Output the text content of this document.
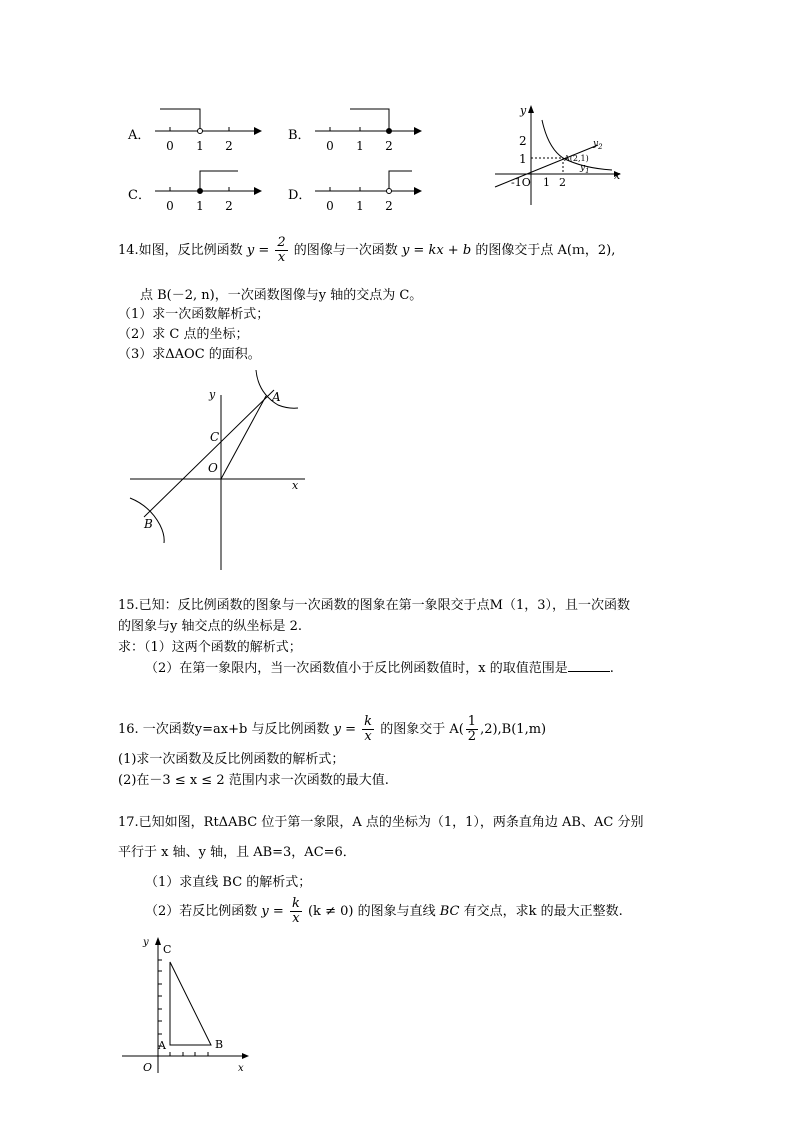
A．
0 1 2
B．
0 1 2
C．
0 1 2
D．
0 1 2
y
x
2
1
1 2
-1O
A(2,1)
$y_2$
$y_1$
14.如图，反比例函数 $y = \frac{2}{x}$ 的图像与一次函数 y = kx + b 的图像交于点 A(ｍ，2),
点 B(－2, n)，一次函数图像与y 轴的交点为 C。
（1）求一次函数解析式；
（2）求 C 点的坐标；
（3）求ΔAOC 的面积。
y
x
A
C
O
B
15.已知：反比例函数的图象与一次函数的图象在第一象限交于点M（1，3），且一次函数
的图象与y 轴交点的纵坐标是 2.
求：（1）这两个函数的解析式；
（2）在第一象限内，当一次函数值小于反比例函数值时，x 的取值范围是	.
16. 一次函数y=ax+b 与反比例函数 $y = \frac{k}{x}$ 的图象交于 $A( \frac{1}{2} ,2),B(1,m)$
(1)求一次函数及反比例函数的解析式；
(2)在－3 ≤ x ≤ 2 范围内求一次函数的最大值.
17.已知如图，RtΔABC 位于第一象限，A 点的坐标为（1，1），两条直角边 AB、AC 分别
平行于 x 轴、y 轴，且 AB=3，AC=6．
（1）求直线 BC 的解析式；
（2）若反比例函数 $y = \frac{k}{x} (k \ne 0)$ 的图象与直线 BC 有交点，求k 的最大正整数.
y
x
C
A	B
O
